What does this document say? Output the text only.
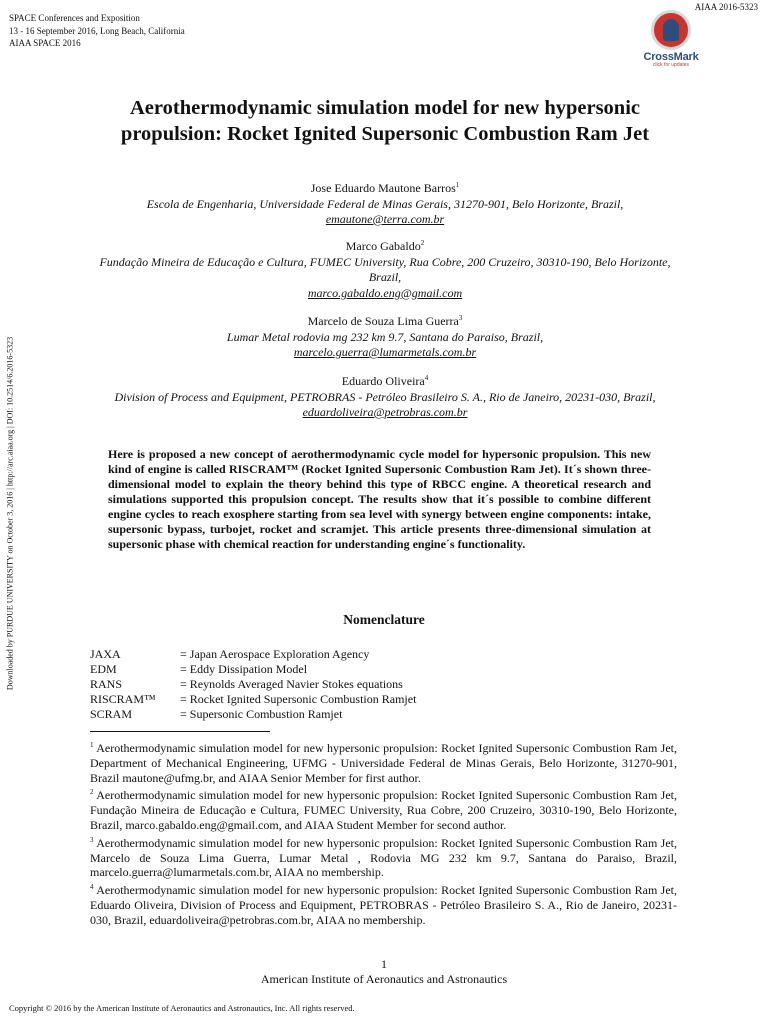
SPACE Conferences and Exposition
13 - 16 September 2016, Long Beach, California
AIAA SPACE 2016
AIAA 2016-5323
CrossMark
click for updates
Downloaded by PURDUE UNIVERSITY on October 3, 2016 | http://arc.aiaa.org | DOI: 10.2514/6.2016-5323
Aerothermodynamic simulation model for new hypersonic
propulsion: Rocket Ignited Supersonic Combustion Ram Jet
Jose Eduardo Mautone Barros$^1$
Escola de Engenharia, Universidade Federal de Minas Gerais, 31270-901, Belo Horizonte, Brazil,
emautone@terra.com.br
Marco Gabaldo$^2$
Fundação Mineira de Educação e Cultura, FUMEC University, Rua Cobre, 200 Cruzeiro, 30310-190, Belo Horizonte, Brazil,
marco.gabaldo.eng@gmail.com
Marcelo de Souza Lima Guerra$^3$
Lumar Metal rodovia mg 232 km 9.7, Santana do Paraiso, Brazil,
marcelo.guerra@lumarmetals.com.br
Eduardo Oliveira$^4$
Division of Process and Equipment, PETROBRAS - Petróleo Brasileiro S. A., Rio de Janeiro, 20231-030, Brazil,
eduardoliveira@petrobras.com.br
Here is proposed a new concept of aerothermodynamic cycle model for hypersonic propulsion. This new kind of engine is called RISCRAM™ (Rocket Ignited Supersonic Combustion Ram Jet). It´s shown three-dimensional model to explain the theory behind this type of RBCC engine. A theoretical research and simulations supported this propulsion concept. The results show that it´s possible to combine different engine cycles to reach exosphere starting from sea level with synergy between engine components: intake, supersonic bypass, turbojet, rocket and scramjet. This article presents three-dimensional simulation at supersonic phase with chemical reaction for understanding engine´s functionality.
Nomenclature
JAXA	= Japan Aerospace Exploration Agency
EDM	= Eddy Dissipation Model
RANS	= Reynolds Averaged Navier Stokes equations
RISCRAM™	= Rocket Ignited Supersonic Combustion Ramjet
SCRAM	= Supersonic Combustion Ramjet

$^1$ Aerothermodynamic simulation model for new hypersonic propulsion: Rocket Ignited Supersonic Combustion Ram Jet, Department of Mechanical Engineering, UFMG - Universidade Federal de Minas Gerais, Belo Horizonte, 31270-901, Brazil mautone@ufmg.br, and AIAA Senior Member for first author.

$^2$ Aerothermodynamic simulation model for new hypersonic propulsion: Rocket Ignited Supersonic Combustion Ram Jet, Fundação Mineira de Educação e Cultura, FUMEC University, Rua Cobre, 200 Cruzeiro, 30310-190, Belo Horizonte, Brazil, marco.gabaldo.eng@gmail.com, and AIAA Student Member for second author.

$^3$ Aerothermodynamic simulation model for new hypersonic propulsion: Rocket Ignited Supersonic Combustion Ram Jet, Marcelo de Souza Lima Guerra, Lumar Metal , Rodovia MG 232 km 9.7, Santana do Paraiso, Brazil, marcelo.guerra@lumarmetals.com.br, AIAA no membership.

$^4$ Aerothermodynamic simulation model for new hypersonic propulsion: Rocket Ignited Supersonic Combustion Ram Jet, Eduardo Oliveira, Division of Process and Equipment, PETROBRAS - Petróleo Brasileiro S. A., Rio de Janeiro, 20231-030, Brazil, eduardoliveira@petrobras.com.br, AIAA no membership.

1
American Institute of Aeronautics and Astronautics
Copyright © 2016 by the American Institute of Aeronautics and Astronautics, Inc. All rights reserved.
